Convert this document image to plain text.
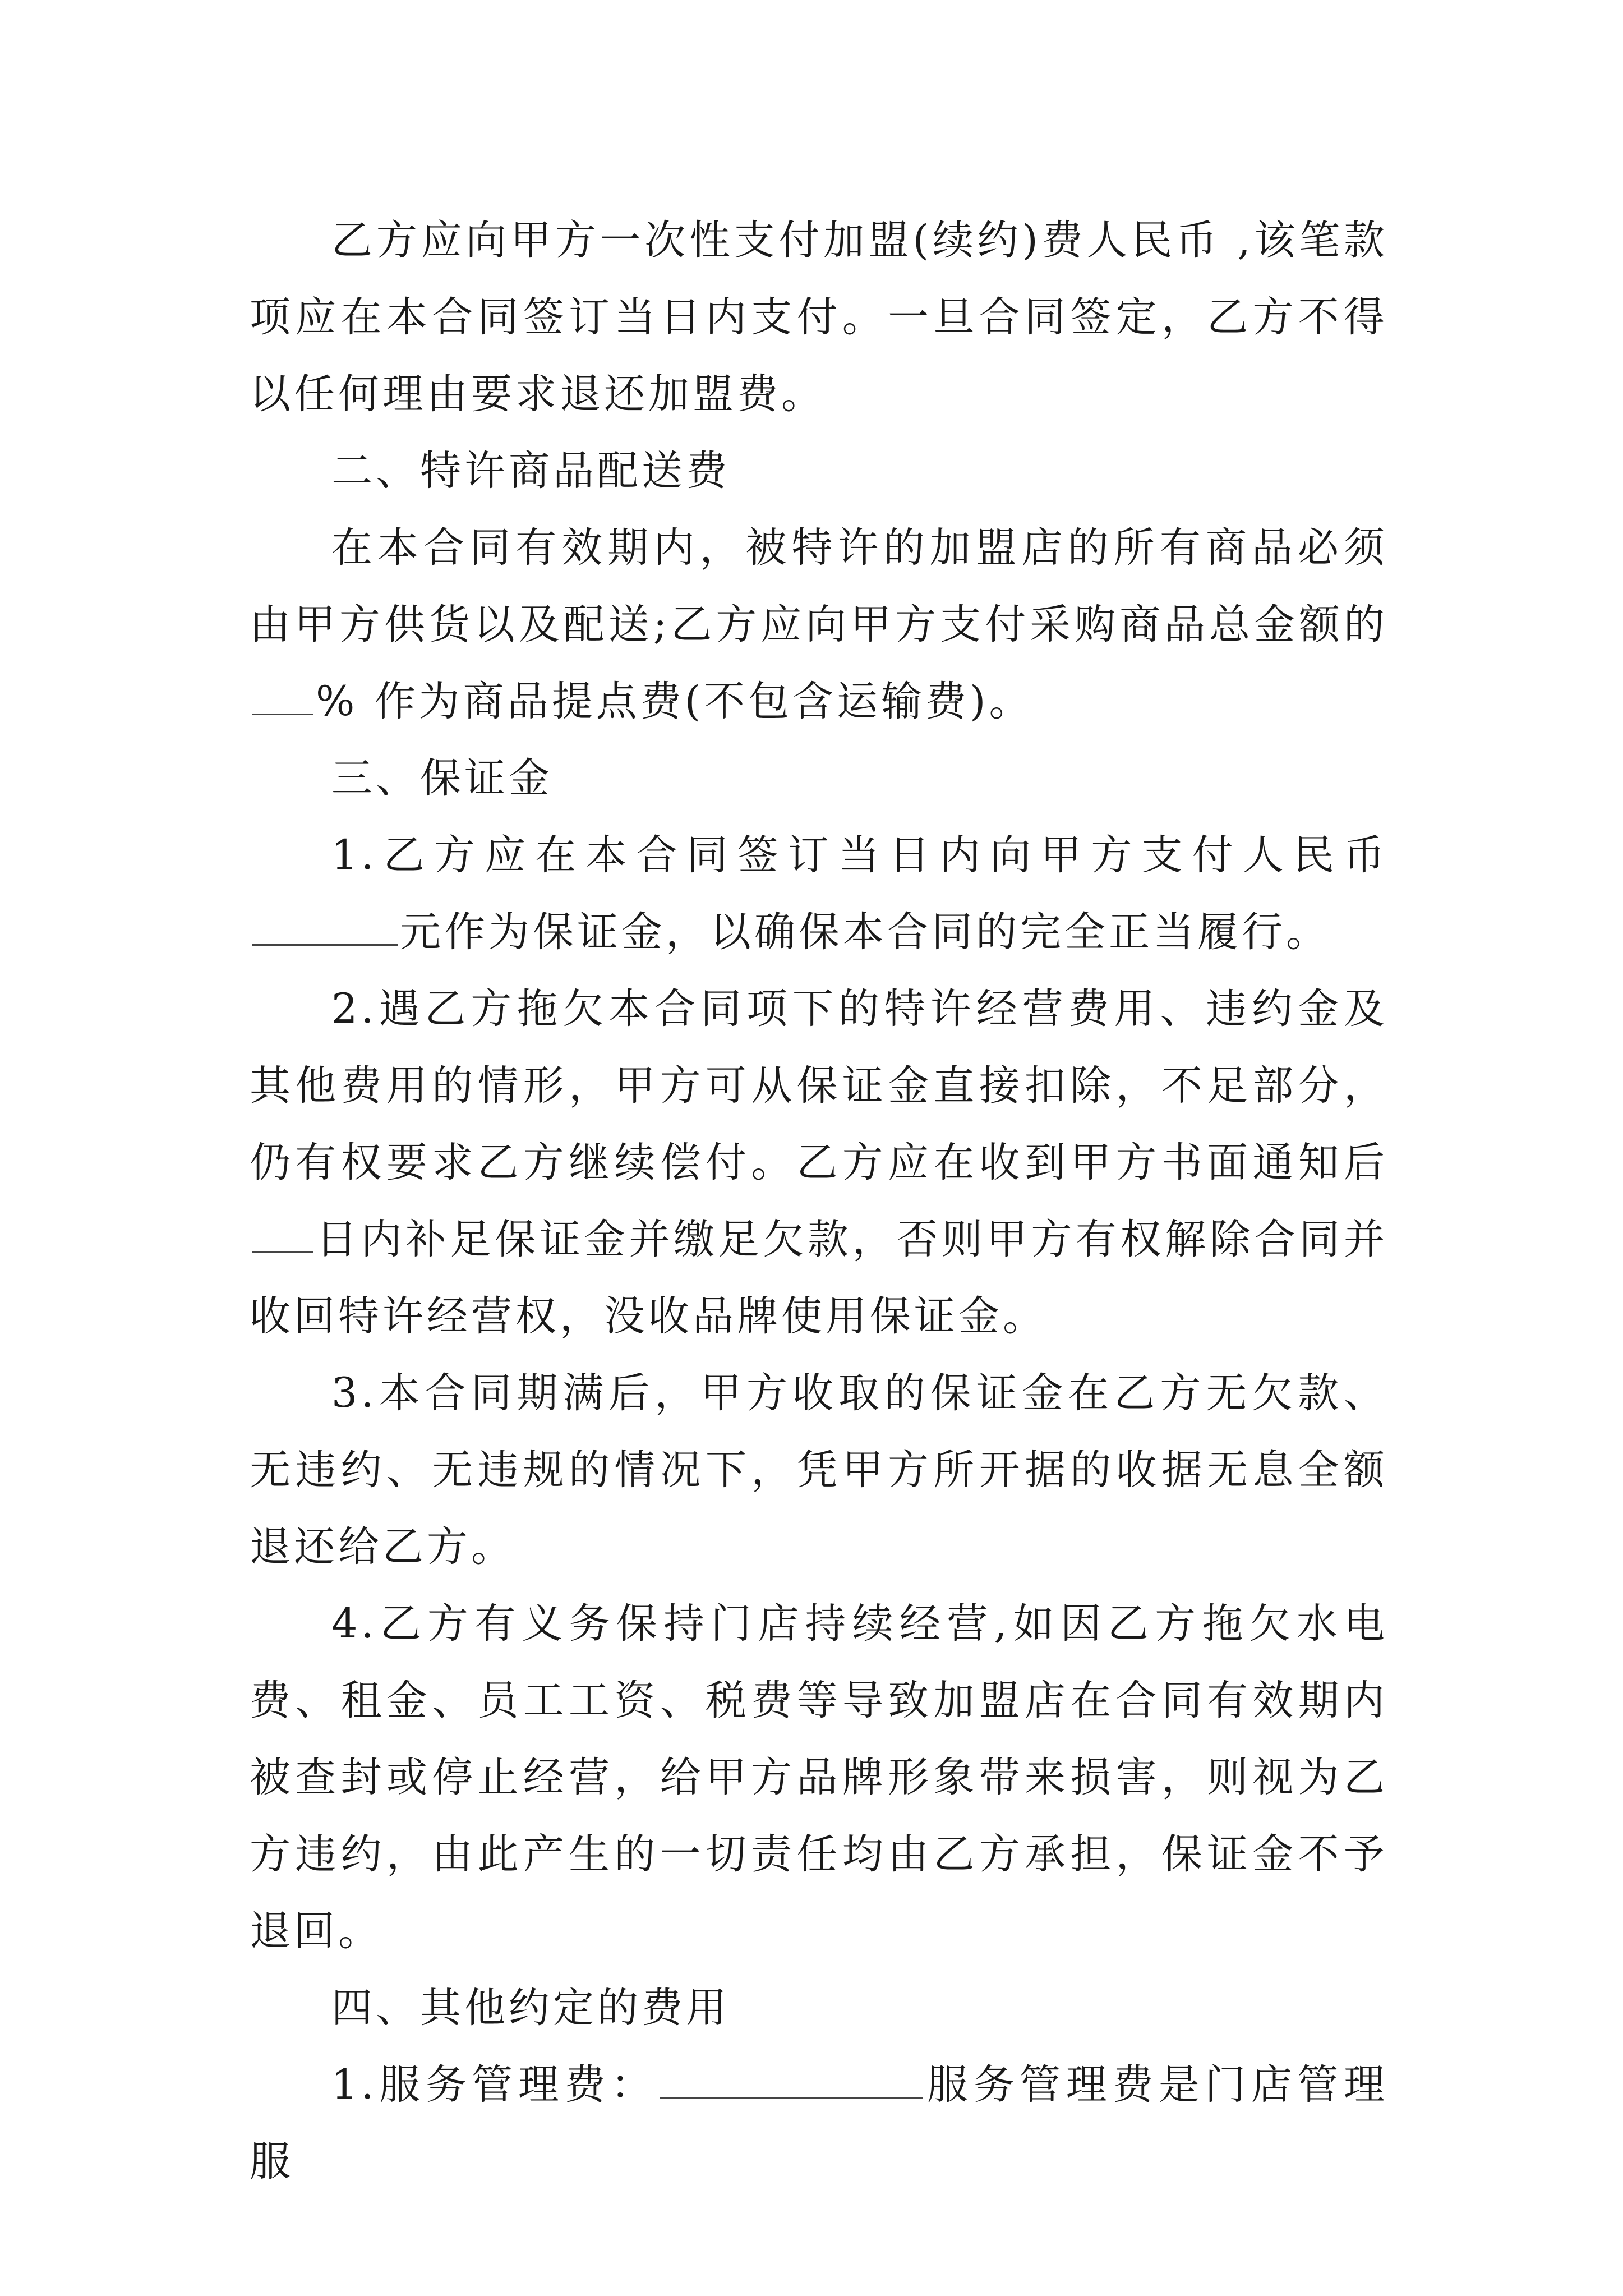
乙方应向甲方一次性支付加盟(续约)费人民币 ,该笔款项应在本合同签订当日内支付。一旦合同签定，乙方不得以任何理由要求退还加盟费。

二、特许商品配送费

在本合同有效期内，被特许的加盟店的所有商品必须由甲方供货以及配送;乙方应向甲方支付采购商品总金额的% 作为商品提点费(不包含运输费)。

三、保证金

1.乙方应在本合同签订当日内向甲方支付人民币元作为保证金，以确保本合同的完全正当履行。

2.遇乙方拖欠本合同项下的特许经营费用、违约金及其他费用的情形，甲方可从保证金直接扣除，不足部分，仍有权要求乙方继续偿付。乙方应在收到甲方书面通知后日内补足保证金并缴足欠款，否则甲方有权解除合同并收回特许经营权，没收品牌使用保证金。

3.本合同期满后，甲方收取的保证金在乙方无欠款、无违约、无违规的情况下，凭甲方所开据的收据无息全额退还给乙方。

4.乙方有义务保持门店持续经营,如因乙方拖欠水电费、租金、员工工资、税费等导致加盟店在合同有效期内被查封或停止经营，给甲方品牌形象带来损害，则视为乙方违约，由此产生的一切责任均由乙方承担，保证金不予退回。

四、其他约定的费用

1.服务管理费：	服务管理费是门店管理服
